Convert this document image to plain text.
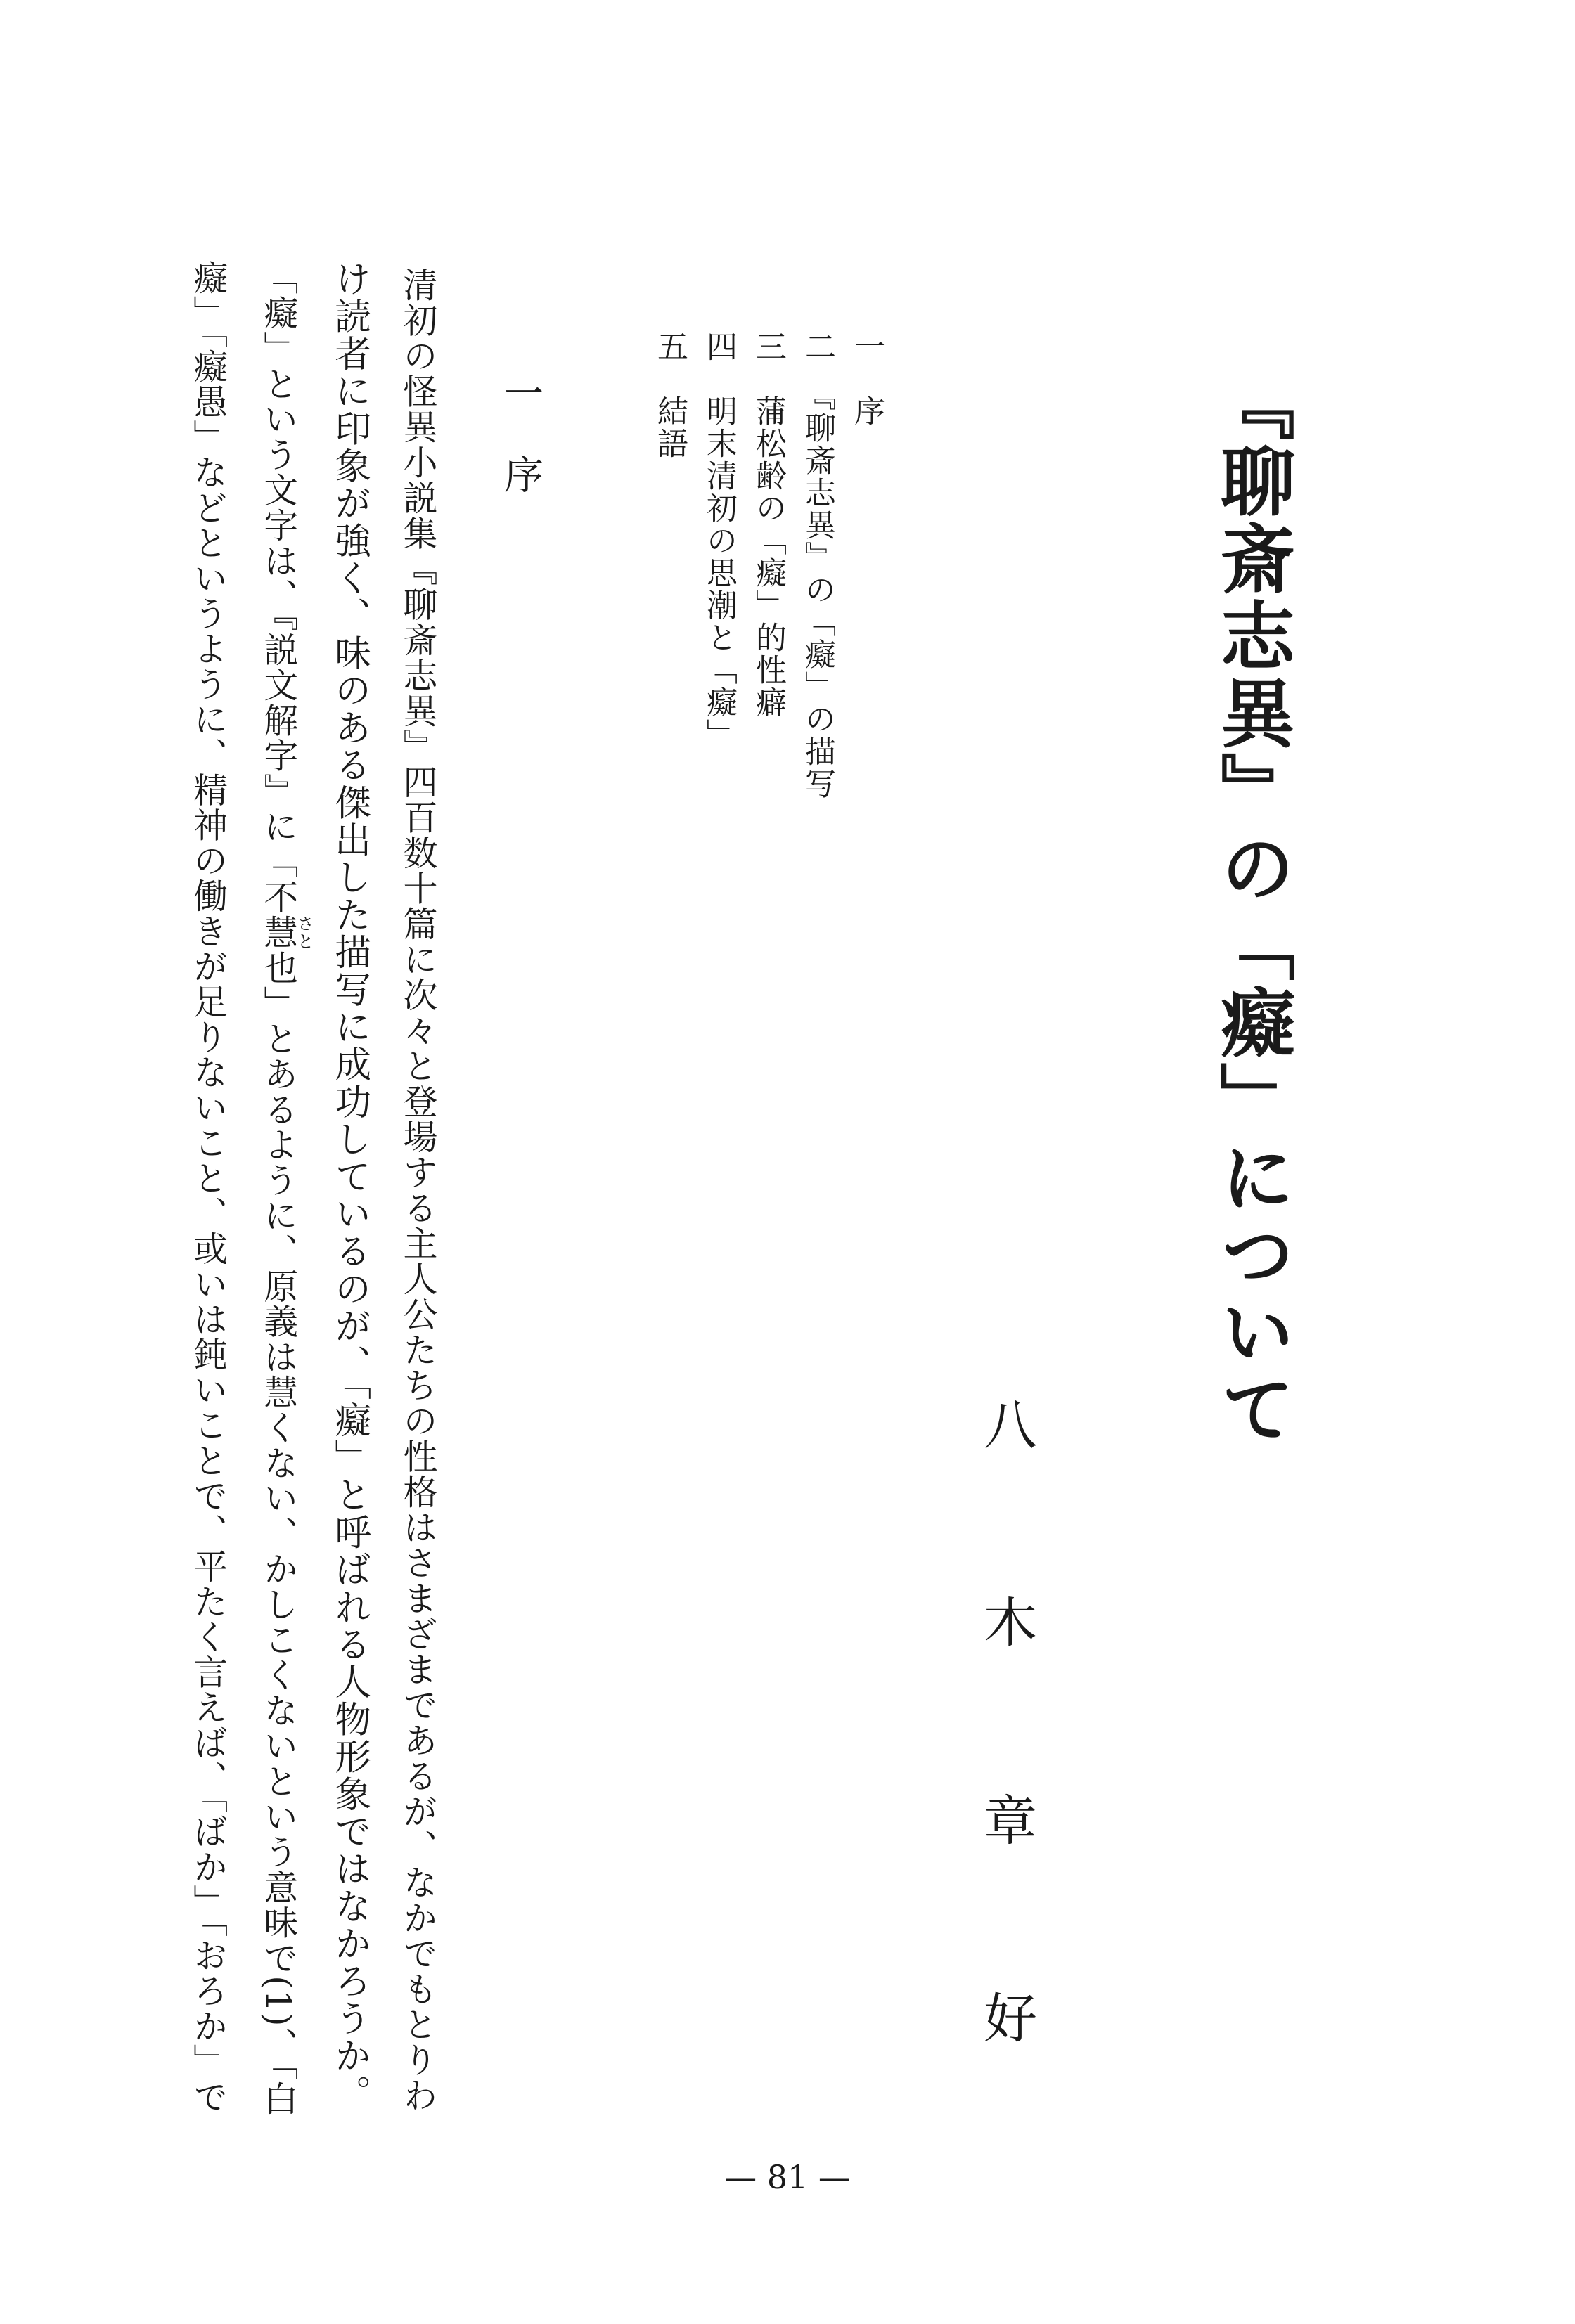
『聊斎志異』の「癡」について
八
木
章
好
一　序
二　『聊斎志異』の「癡」の描写
三　蒲松齢の「癡」的性癖
四　明末清初の思潮と「癡」
五　結語
一序
清初の怪異小説集『聊斎志異』四百数十篇に次々と登場する主人公たちの性格はさまざまであるが、なかでもとりわ
け読者に印象が強く、味のある傑出した描写に成功しているのが、「癡」と呼ばれる人物形象ではなかろうか。
「癡」という文字は、『説文解字』に「不慧さと也」とあるように、原義は慧くない、かしこくないという意味で(1)、「白
癡」「癡愚」などというように、精神の働きが足りないこと、或いは鈍いことで、平たく言えば、「ばか」「おろか」で
— 81 —
